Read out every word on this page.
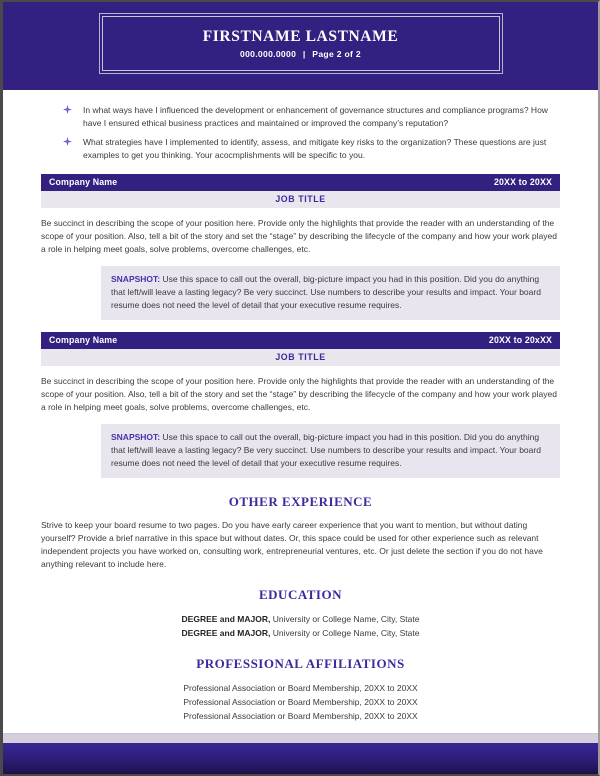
FIRSTNAME LASTNAME
000.000.0000 | Page 2 of 2
In what ways have I influenced the development or enhancement of governance structures and compliance programs? How have I ensured ethical business practices and maintained or improved the company’s reputation?
What strategies have I implemented to identify, assess, and mitigate key risks to the organization? These questions are just examples to get you thinking. Your acocmplishments will be specific to you.
Company Name	20XX to 20XX
JOB TITLE
Be succinct in describing the scope of your position here. Provide only the highlights that provide the reader with an understanding of the scope of your position. Also, tell a bit of the story and set the “stage” by describing the lifecycle of the company and how your work played a role in helping meet goals, solve problems, overcome challenges, etc.
SNAPSHOT: Use this space to call out the overall, big-picture impact you had in this position. Did you do anything that left/will leave a lasting legacy? Be very succinct. Use numbers to describe your results and impact. Your board resume does not need the level of detail that your executive resume requires.
Company Name	20XX to 20xXX
JOB TITLE
Be succinct in describing the scope of your position here. Provide only the highlights that provide the reader with an understanding of the scope of your position. Also, tell a bit of the story and set the “stage” by describing the lifecycle of the company and how your work played a role in helping meet goals, solve problems, overcome challenges, etc.
SNAPSHOT: Use this space to call out the overall, big-picture impact you had in this position. Did you do anything that left/will leave a lasting legacy? Be very succinct. Use numbers to describe your results and impact. Your board resume does not need the level of detail that your executive resume requires.
OTHER EXPERIENCE
Strive to keep your board resume to two pages. Do you have early career experience that you want to mention, but without dating yourself? Provide a brief narrative in this space but without dates. Or, this space could be used for other experience such as relevant independent projects you have worked on, consulting work, entrepreneurial ventures, etc. Or just delete the section if you do not have anything relevant to include here.
EDUCATION
DEGREE and MAJOR, University or College Name, City, State
DEGREE and MAJOR, University or College Name, City, State
PROFESSIONAL AFFILIATIONS
Professional Association or Board Membership, 20XX to 20XX
Professional Association or Board Membership, 20XX to 20XX
Professional Association or Board Membership, 20XX to 20XX
